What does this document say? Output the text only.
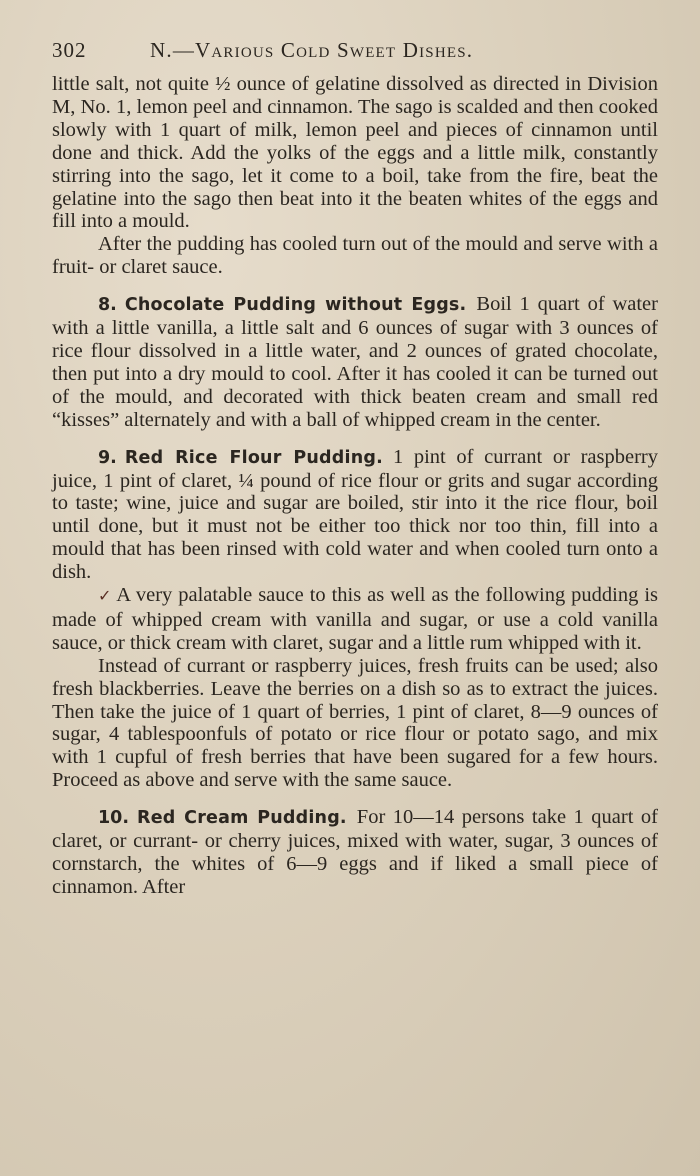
302	N.—Various Cold Sweet Dishes.

little salt, not quite ½ ounce of gelatine dissolved as directed in Division M, No. 1, lemon peel and cinnamon. The sago is scalded and then cooked slowly with 1 quart of milk, lemon peel and pieces of cinnamon until done and thick. Add the yolks of the eggs and a little milk, constantly stirring into the sago, let it come to a boil, take from the fire, beat the gelatine into the sago then beat into it the beaten whites of the eggs and fill into a mould.

After the pudding has cooled turn out of the mould and serve with a fruit- or claret sauce.

8. Chocolate Pudding without Eggs. Boil 1 quart of water with a little vanilla, a little salt and 6 ounces of sugar with 3 ounces of rice flour dissolved in a little water, and 2 ounces of grated chocolate, then put into a dry mould to cool. After it has cooled it can be turned out of the mould, and decorated with thick beaten cream and small red “kisses” alternately and with a ball of whipped cream in the center.

9. Red Rice Flour Pudding. 1 pint of currant or raspberry juice, 1 pint of claret, ¼ pound of rice flour or grits and sugar according to taste; wine, juice and sugar are boiled, stir into it the rice flour, boil until done, but it must not be either too thick nor too thin, fill into a mould that has been rinsed with cold water and when cooled turn onto a dish.

✓ A very palatable sauce to this as well as the following pudding is made of whipped cream with vanilla and sugar, or use a cold vanilla sauce, or thick cream with claret, sugar and a little rum whipped with it.

Instead of currant or raspberry juices, fresh fruits can be used; also fresh blackberries. Leave the berries on a dish so as to extract the juices. Then take the juice of 1 quart of berries, 1 pint of claret, 8—9 ounces of sugar, 4 tablespoonfuls of potato or rice flour or potato sago, and mix with 1 cupful of fresh berries that have been sugared for a few hours. Proceed as above and serve with the same sauce.

10. Red Cream Pudding. For 10—14 persons take 1 quart of claret, or currant- or cherry juices, mixed with water, sugar, 3 ounces of cornstarch, the whites of 6—9 eggs and if liked a small piece of cinnamon. After
